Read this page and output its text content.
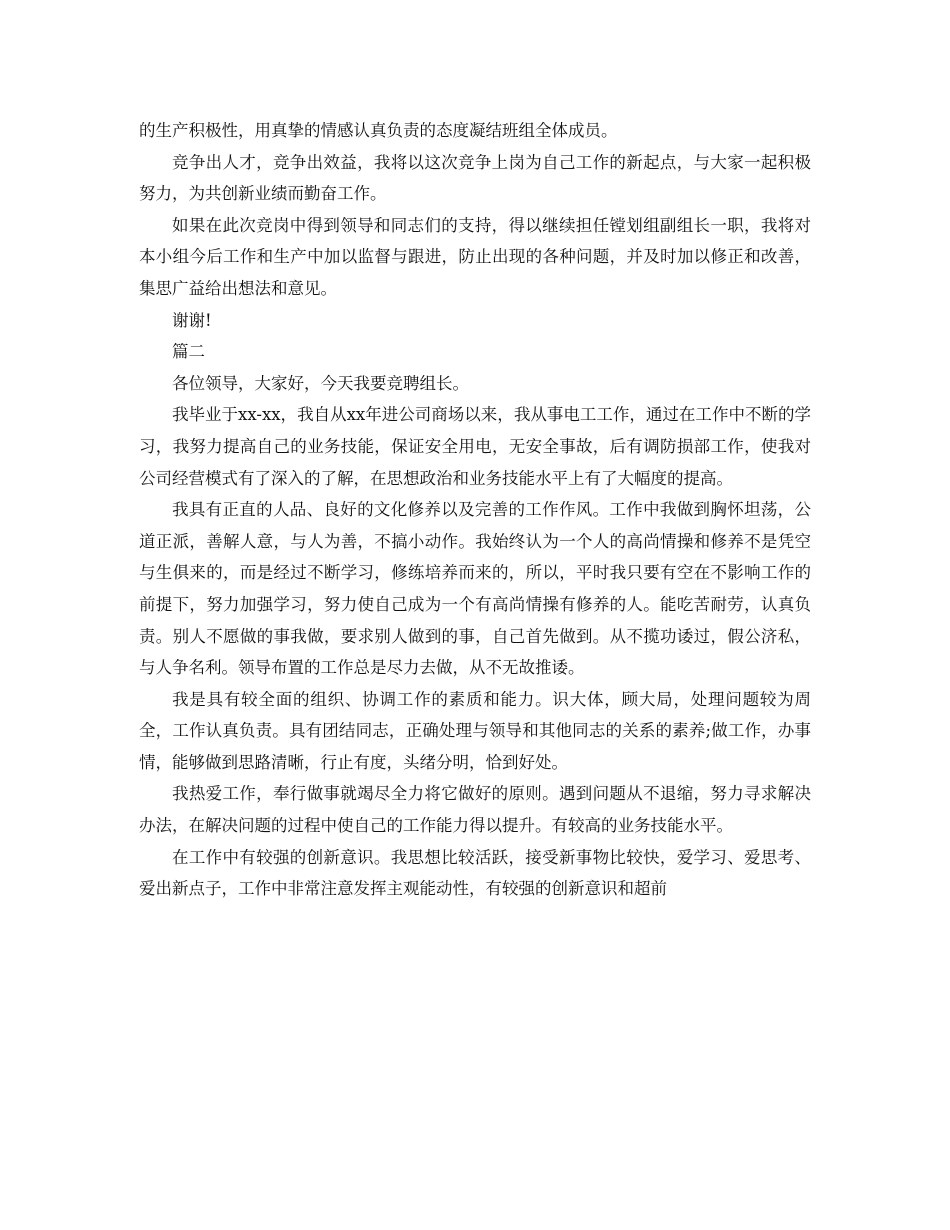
的生产积极性，用真挚的情感认真负责的态度凝结班组全体成员。

竞争出人才，竞争出效益，我将以这次竞争上岗为自己工作的新起点，与大家一起积极努力，为共创新业绩而勤奋工作。

如果在此次竞岗中得到领导和同志们的支持，得以继续担任镗划组副组长一职，我将对本小组今后工作和生产中加以监督与跟进，防止出现的各种问题，并及时加以修正和改善，集思广益给出想法和意见。

谢谢!

篇二

各位领导，大家好，今天我要竞聘组长。

我毕业于xx-xx，我自从xx年进公司商场以来，我从事电工工作，通过在工作中不断的学习，我努力提高自己的业务技能，保证安全用电，无安全事故，后有调防损部工作，使我对公司经营模式有了深入的了解，在思想政治和业务技能水平上有了大幅度的提高。

我具有正直的人品、良好的文化修养以及完善的工作作风。工作中我做到胸怀坦荡，公道正派，善解人意，与人为善，不搞小动作。我始终认为一个人的高尚情操和修养不是凭空与生俱来的，而是经过不断学习，修练培养而来的，所以，平时我只要有空在不影响工作的前提下，努力加强学习，努力使自己成为一个有高尚情操有修养的人。能吃苦耐劳，认真负责。别人不愿做的事我做，要求别人做到的事，自己首先做到。从不揽功诿过，假公济私，与人争名利。领导布置的工作总是尽力去做，从不无故推诿。

我是具有较全面的组织、协调工作的素质和能力。识大体，顾大局，处理问题较为周全，工作认真负责。具有团结同志，正确处理与领导和其他同志的关系的素养;做工作，办事情，能够做到思路清晰，行止有度，头绪分明，恰到好处。

我热爱工作，奉行做事就竭尽全力将它做好的原则。遇到问题从不退缩，努力寻求解决办法，在解决问题的过程中使自己的工作能力得以提升。有较高的业务技能水平。

在工作中有较强的创新意识。我思想比较活跃，接受新事物比较快，爱学习、爱思考、爱出新点子，工作中非常注意发挥主观能动性，有较强的创新意识和超前
